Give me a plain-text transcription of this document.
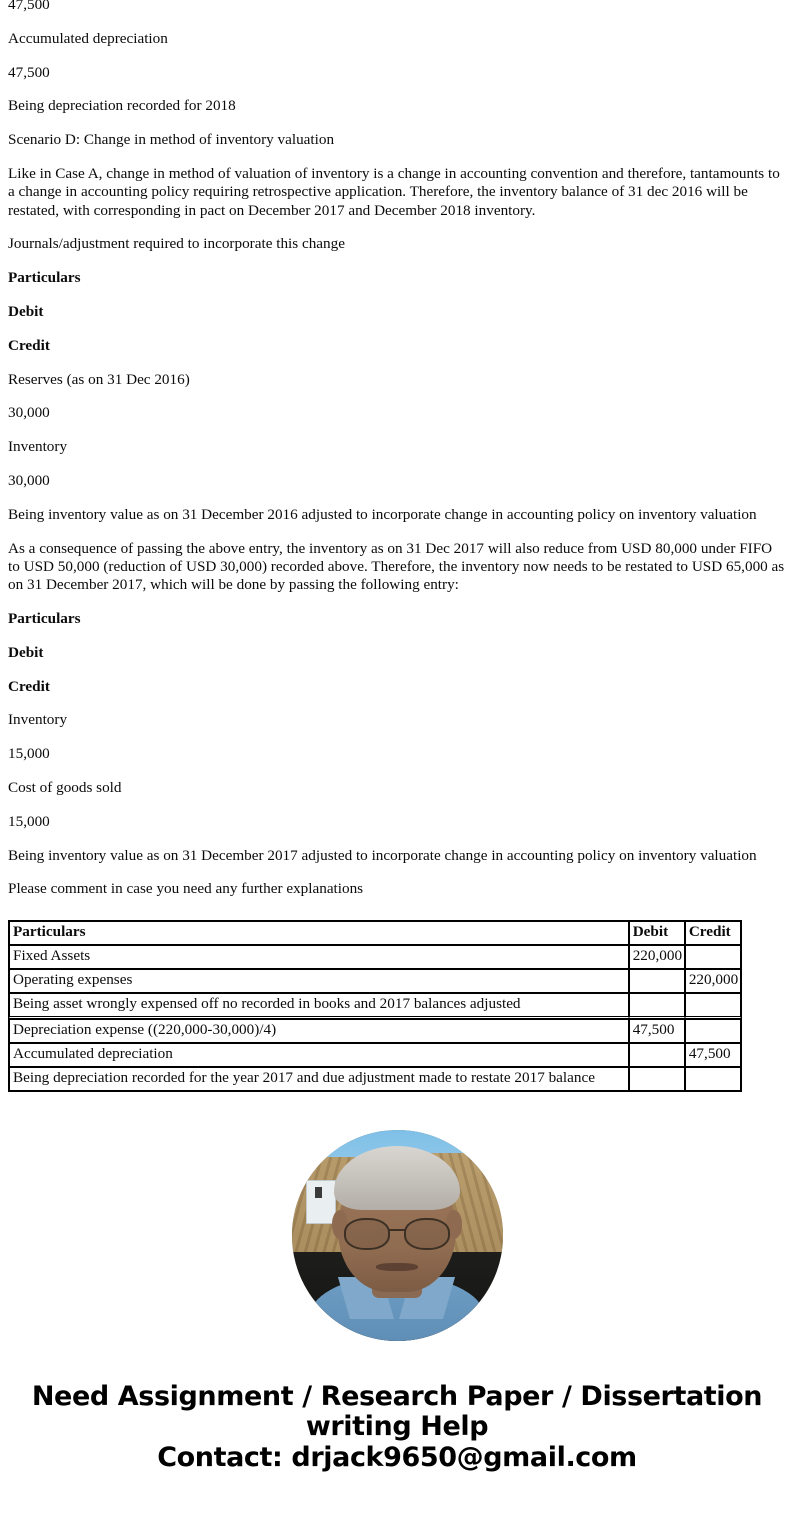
47,500

Accumulated depreciation

47,500

Being depreciation recorded for 2018

Scenario D: Change in method of inventory valuation

Like in Case A, change in method of valuation of inventory is a change in accounting convention and therefore, tantamounts to a change in accounting policy requiring retrospective application. Therefore, the inventory balance of 31 dec 2016 will be restated, with corresponding in pact on December 2017 and December 2018 inventory.

Journals/adjustment required to incorporate this change

Particulars

Debit

Credit

Reserves (as on 31 Dec 2016)

30,000

Inventory

30,000

Being inventory value as on 31 December 2016 adjusted to incorporate change in accounting policy on inventory valuation

As a consequence of passing the above entry, the inventory as on 31 Dec 2017 will also reduce from USD 80,000 under FIFO to USD 50,000 (reduction of USD 30,000) recorded above. Therefore, the inventory now needs to be restated to USD 65,000 as on 31 December 2017, which will be done by passing the following entry:

Particulars

Debit

Credit

Inventory

15,000

Cost of goods sold

15,000

Being inventory value as on 31 December 2017 adjusted to incorporate change in accounting policy on inventory valuation

Please comment in case you need any further explanations

Particulars	Debit	Credit
Fixed Assets	220,000	
Operating expenses		220,000
Being asset wrongly expensed off no recorded in books and 2017 balances adjusted		
Depreciation expense ((220,000-30,000)/4)	47,500	
Accumulated depreciation		47,500
Being depreciation recorded for the year 2017 and due adjustment made to restate 2017 balance		
Need Assignment / Research Paper / Dissertation writing Help
Contact: drjack9650@gmail.com
